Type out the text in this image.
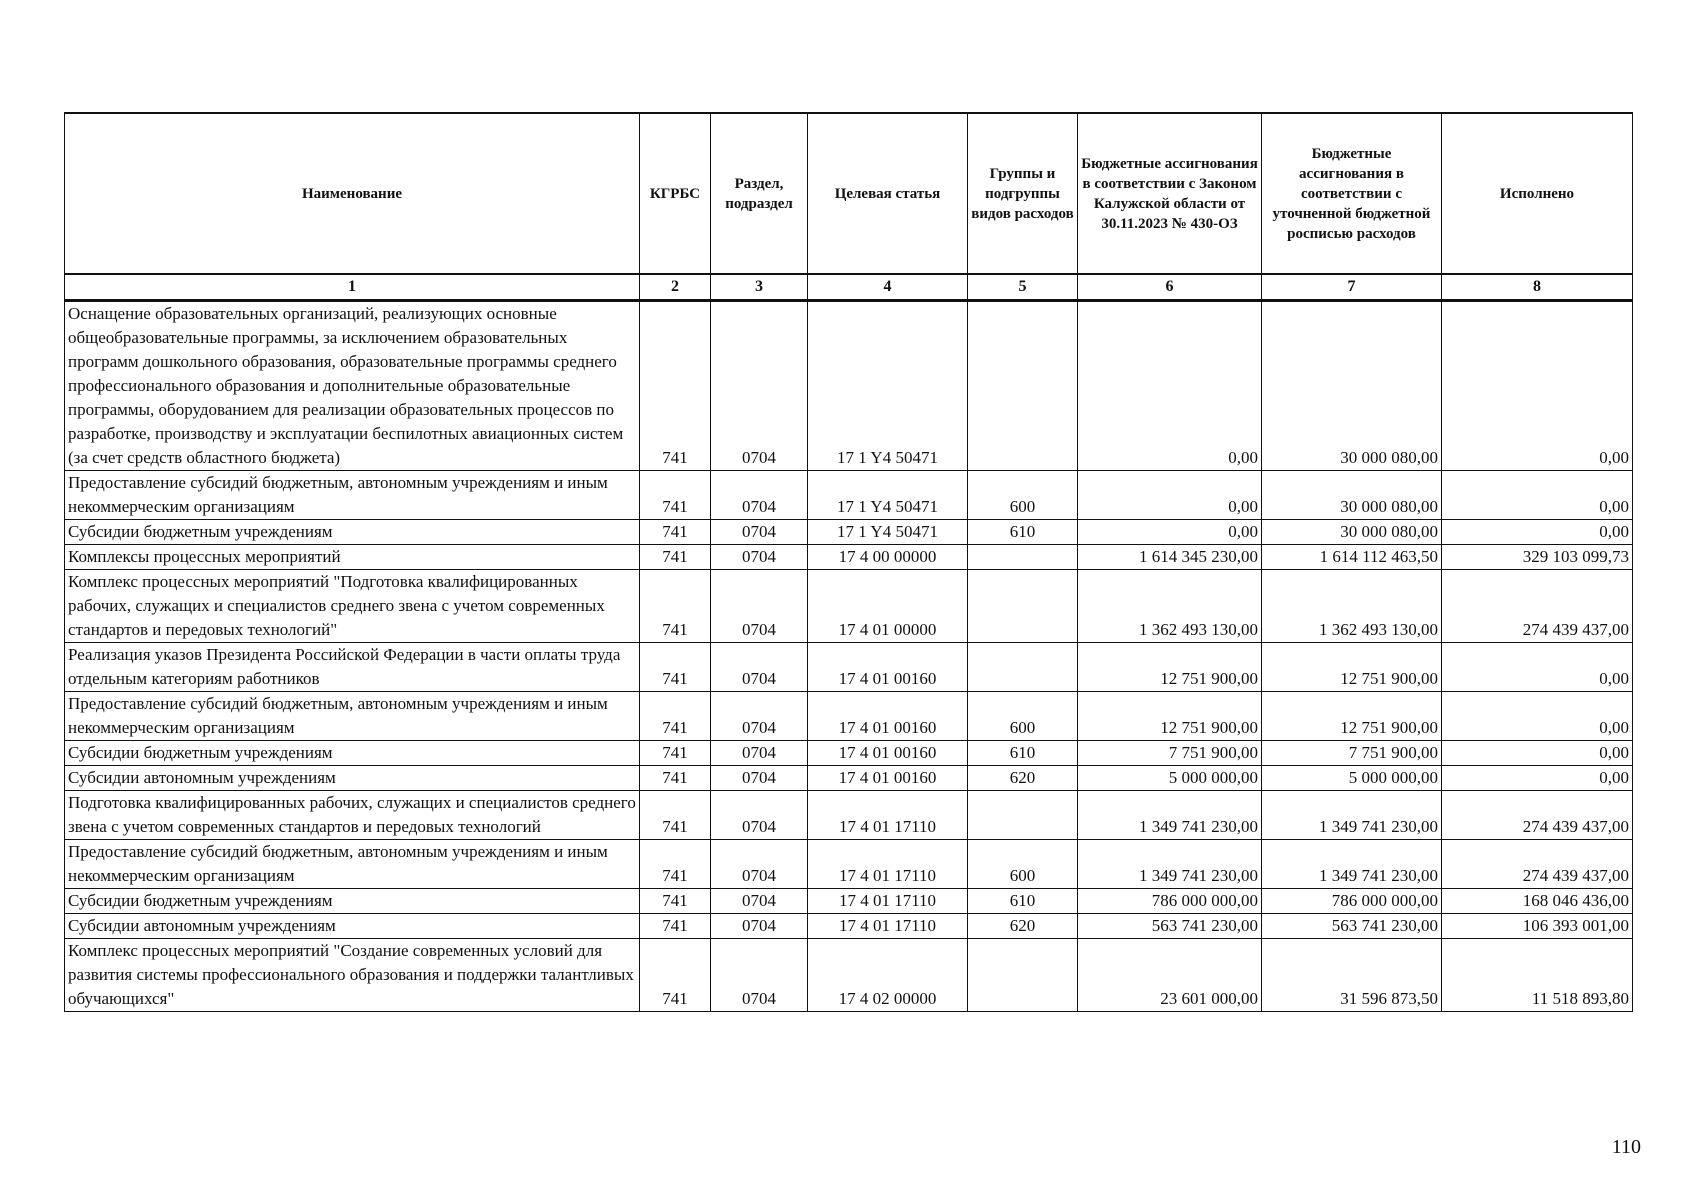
Наименование	КГРБС	Раздел, подраздел	Целевая статья	Группы и подгруппы видов расходов	Бюджетные ассигнования в соответствии с Законом Калужской области от 30.11.2023 № 430-ОЗ	Бюджетные ассигнования в соответствии с уточненной бюджетной росписью расходов	Исполнено
1	2	3	4	5	6	7	8
Оснащение образовательных организаций, реализующих основные общеобразовательные программы, за исключением образовательных программ дошкольного образования, образовательные программы среднего профессионального образования и дополнительные образовательные программы, оборудованием для реализации образовательных процессов по разработке, производству и эксплуатации беспилотных авиационных систем (за счет средств областного бюджета)	741	0704	17 1 Y4 50471		0,00	30 000 080,00	0,00
Предоставление субсидий бюджетным, автономным учреждениям и иным некоммерческим организациям	741	0704	17 1 Y4 50471	600	0,00	30 000 080,00	0,00
Субсидии бюджетным учреждениям	741	0704	17 1 Y4 50471	610	0,00	30 000 080,00	0,00
Комплексы процессных мероприятий	741	0704	17 4 00 00000		1 614 345 230,00	1 614 112 463,50	329 103 099,73
Комплекс процессных мероприятий "Подготовка квалифицированных рабочих, служащих и специалистов среднего звена с учетом современных стандартов и передовых технологий"	741	0704	17 4 01 00000		1 362 493 130,00	1 362 493 130,00	274 439 437,00
Реализация указов Президента Российской Федерации в части оплаты труда отдельным категориям работников	741	0704	17 4 01 00160		12 751 900,00	12 751 900,00	0,00
Предоставление субсидий бюджетным, автономным учреждениям и иным некоммерческим организациям	741	0704	17 4 01 00160	600	12 751 900,00	12 751 900,00	0,00
Субсидии бюджетным учреждениям	741	0704	17 4 01 00160	610	7 751 900,00	7 751 900,00	0,00
Субсидии автономным учреждениям	741	0704	17 4 01 00160	620	5 000 000,00	5 000 000,00	0,00
Подготовка квалифицированных рабочих, служащих и специалистов среднего звена с учетом современных стандартов и передовых технологий	741	0704	17 4 01 17110		1 349 741 230,00	1 349 741 230,00	274 439 437,00
Предоставление субсидий бюджетным, автономным учреждениям и иным некоммерческим организациям	741	0704	17 4 01 17110	600	1 349 741 230,00	1 349 741 230,00	274 439 437,00
Субсидии бюджетным учреждениям	741	0704	17 4 01 17110	610	786 000 000,00	786 000 000,00	168 046 436,00
Субсидии автономным учреждениям	741	0704	17 4 01 17110	620	563 741 230,00	563 741 230,00	106 393 001,00
Комплекс процессных мероприятий "Создание современных условий для развития системы профессионального образования и поддержки талантливых обучающихся"	741	0704	17 4 02 00000		23 601 000,00	31 596 873,50	11 518 893,80
110
